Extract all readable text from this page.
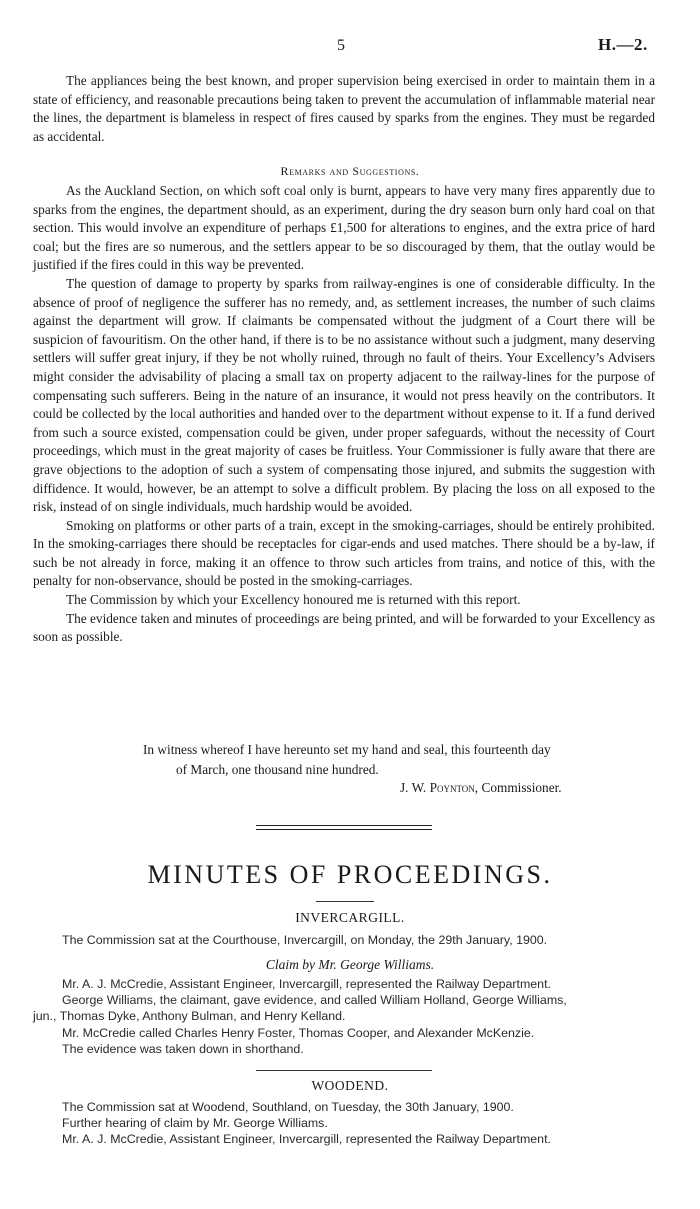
5	H.—2.

The appliances being the best known, and proper supervision being exercised in order to maintain them in a state of efficiency, and reasonable precautions being taken to prevent the accumulation of inflammable material near the lines, the department is blameless in respect of fires caused by sparks from the engines. They must be regarded as accidental.

Remarks and Suggestions.

As the Auckland Section, on which soft coal only is burnt, appears to have very many fires apparently due to sparks from the engines, the department should, as an experiment, during the dry season burn only hard coal on that section. This would involve an expenditure of perhaps £1,500 for alterations to engines, and the extra price of hard coal; but the fires are so numerous, and the settlers appear to be so discouraged by them, that the outlay would be justified if the fires could in this way be prevented.

The question of damage to property by sparks from railway-engines is one of considerable difficulty. In the absence of proof of negligence the sufferer has no remedy, and, as settlement increases, the number of such claims against the department will grow. If claimants be compensated without the judgment of a Court there will be suspicion of favouritism. On the other hand, if there is to be no assistance without such a judgment, many deserving settlers will suffer great injury, if they be not wholly ruined, through no fault of theirs. Your Excellency’s Advisers might consider the advisability of placing a small tax on property adjacent to the railway-lines for the purpose of compensating such sufferers. Being in the nature of an insurance, it would not press heavily on the contributors. It could be collected by the local authorities and handed over to the department without expense to it. If a fund derived from such a source existed, compensation could be given, under proper safeguards, without the necessity of Court proceedings, which must in the great majority of cases be fruitless. Your Commissioner is fully aware that there are grave objections to the adoption of such a system of compensating those injured, and submits the suggestion with diffidence. It would, however, be an attempt to solve a difficult problem. By placing the loss on all exposed to the risk, instead of on single individuals, much hardship would be avoided.

Smoking on platforms or other parts of a train, except in the smoking-carriages, should be entirely prohibited. In the smoking-carriages there should be receptacles for cigar-ends and used matches. There should be a by-law, if such be not already in force, making it an offence to throw such articles from trains, and notice of this, with the penalty for non-observance, should be posted in the smoking-carriages.

The Commission by which your Excellency honoured me is returned with this report.

The evidence taken and minutes of proceedings are being printed, and will be forwarded to your Excellency as soon as possible.

In witness whereof I have hereunto set my hand and seal, this fourteenth day
of March, one thousand nine hundred.
J. W. Poynton, Commissioner.
MINUTES OF PROCEEDINGS.
INVERCARGILL.

The Commission sat at the Courthouse, Invercargill, on Monday, the 29th January, 1900.

Claim by Mr. George Williams.

Mr. A. J. McCredie, Assistant Engineer, Invercargill, represented the Railway Department.

George Williams, the claimant, gave evidence, and called William Holland, George Williams,

jun., Thomas Dyke, Anthony Bulman, and Henry Kelland.

Mr. McCredie called Charles Henry Foster, Thomas Cooper, and Alexander McKenzie.

The evidence was taken down in shorthand.

WOODEND.

The Commission sat at Woodend, Southland, on Tuesday, the 30th January, 1900.

Further hearing of claim by Mr. George Williams.

Mr. A. J. McCredie, Assistant Engineer, Invercargill, represented the Railway Department.
